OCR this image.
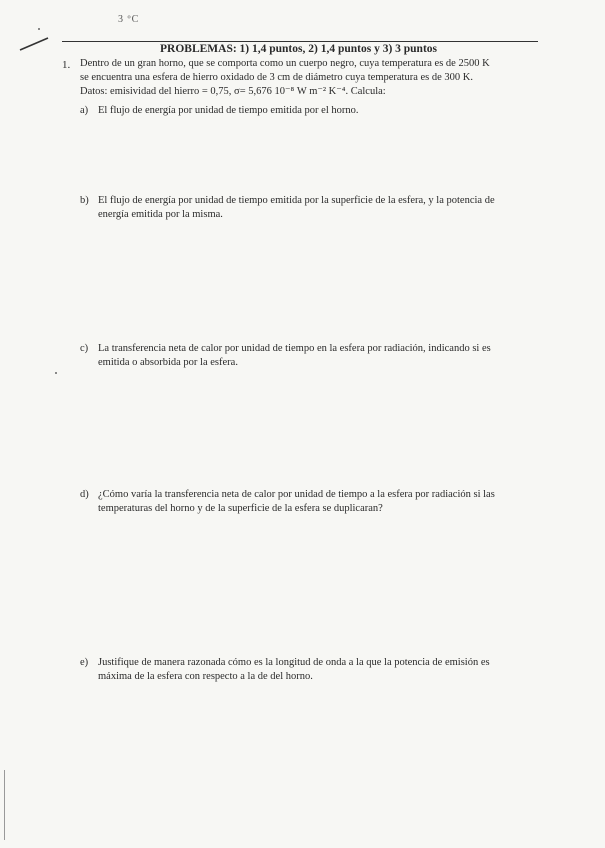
3 ºC
PROBLEMAS: 1) 1,4 puntos, 2) 1,4 puntos y 3) 3 puntos
1. Dentro de un gran horno, que se comporta como un cuerpo negro, cuya temperatura es de 2500 K
se encuentra una esfera de hierro oxidado de 3 cm de diámetro cuya temperatura es de 300 K.
Datos: emisividad del hierro = 0,75, σ= 5,676 10⁻⁸ W m⁻² K⁻⁴. Calcula:
a) El flujo de energía por unidad de tiempo emitida por el horno.
b) El flujo de energía por unidad de tiempo emitida por la superficie de la esfera, y la potencia de
energía emitida por la misma.
c) La transferencia neta de calor por unidad de tiempo en la esfera por radiación, indicando si es
emitida o absorbida por la esfera.
d) ¿Cómo varía la transferencia neta de calor por unidad de tiempo a la esfera por radiación si las
temperaturas del horno y de la superficie de la esfera se duplicaran?
e) Justifique de manera razonada cómo es la longitud de onda a la que la potencia de emisión es
máxima de la esfera con respecto a la de del horno.
